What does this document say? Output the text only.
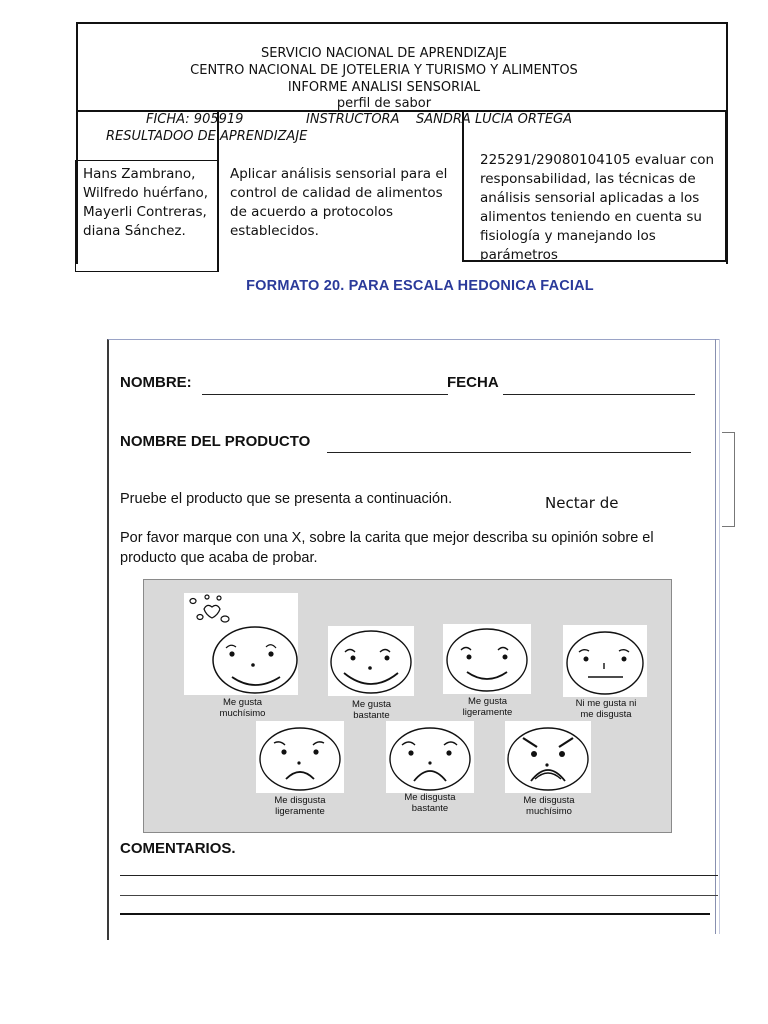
SERVICIO NACIONAL DE APRENDIZAJE
CENTRO NACIONAL DE JOTELERIA Y TURISMO Y ALIMENTOS
INFORME ANALISI SENSORIAL
perfil de sabor
FICHA: 905919	INSTRUCTORA    SANDRA LUCIA ORTEGA
RESULTADOO DE APRENDIZAJE
Hans Zambrano, Wilfredo huérfano, Mayerli Contreras, diana Sánchez.
Aplicar análisis sensorial para el control de calidad de alimentos de acuerdo a protocolos establecidos.
225291/29080104105 evaluar con responsabilidad, las técnicas de análisis sensorial aplicadas a los alimentos teniendo en cuenta su fisiología y manejando los parámetros
FORMATO 20. PARA ESCALA HEDONICA FACIAL
NOMBRE:	FECHA
NOMBRE DEL PRODUCTO
Pruebe el producto que se presenta a continuación.	Nectar de
Por favor marque con una X, sobre la carita que mejor describa su opinión sobre el
producto que acaba de probar.
Me gusta
muchísimo
Me gusta
bastante
Me gusta
ligeramente
Ni me gusta ni
me disgusta
Me disgusta
ligeramente
Me disgusta
bastante
Me disgusta
muchísimo
COMENTARIOS.
